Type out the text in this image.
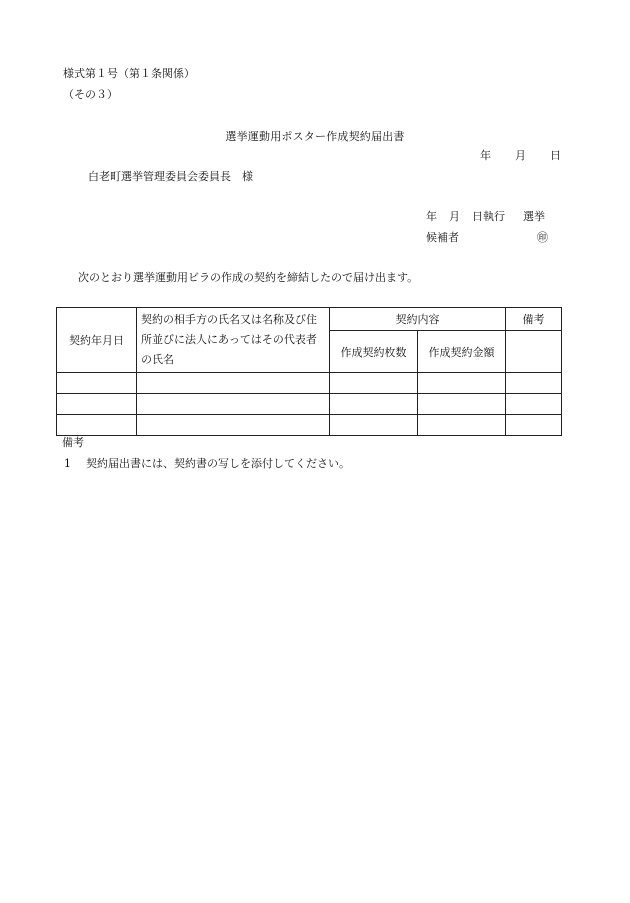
様式第１号（第１条関係）
（その３）
選挙運動用ポスター作成契約届出書
年 月 日
白老町選挙管理委員会委員長　様
年 月 日執行 選挙
候補者	㊞
次のとおり選挙運動用ビラの作成の契約を締結したので届け出ます。
契約年月日	契約の相手方の氏名又は名称及び住所並びに法人にあってはその代表者の氏名	契約内容		備考
		作成契約枚数	作成契約金額	

備考
1 契約届出書には、契約書の写しを添付してください。
